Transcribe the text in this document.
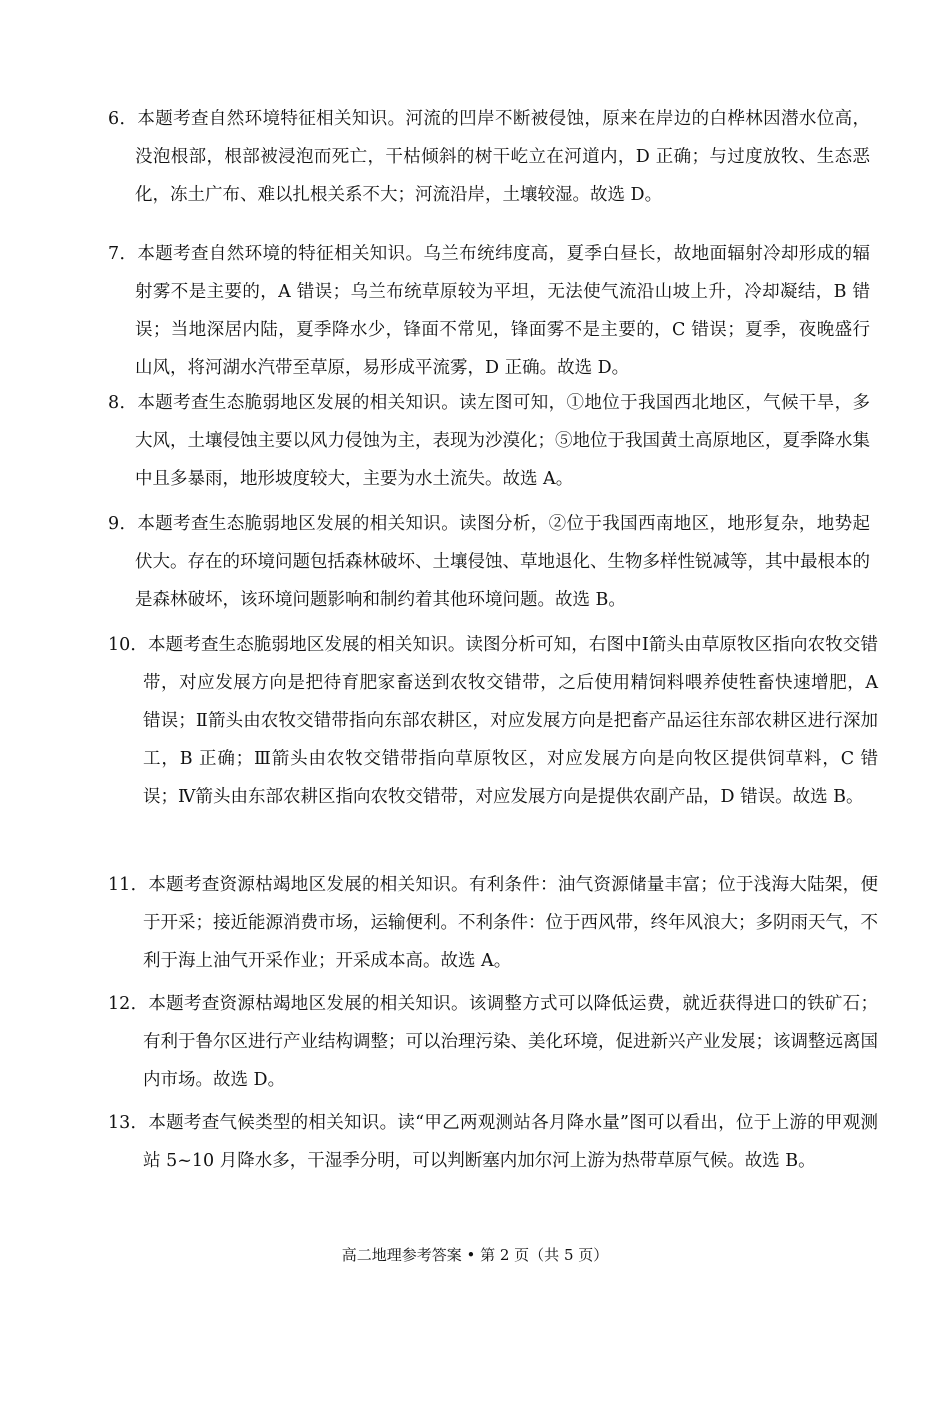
6．本题考查自然环境特征相关知识。河流的凹岸不断被侵蚀，原来在岸边的白桦林因潜水位高，没泡根部，根部被浸泡而死亡，干枯倾斜的树干屹立在河道内，D 正确；与过度放牧、生态恶化，冻土广布、难以扎根关系不大；河流沿岸，土壤较湿。故选 D。
7．本题考查自然环境的特征相关知识。乌兰布统纬度高，夏季白昼长，故地面辐射冷却形成的辐射雾不是主要的，A 错误；乌兰布统草原较为平坦，无法使气流沿山坡上升，冷却凝结，B 错误；当地深居内陆，夏季降水少，锋面不常见，锋面雾不是主要的，C 错误；夏季，夜晚盛行山风，将河湖水汽带至草原，易形成平流雾，D 正确。故选 D。
8．本题考查生态脆弱地区发展的相关知识。读左图可知，①地位于我国西北地区，气候干旱，多大风，土壤侵蚀主要以风力侵蚀为主，表现为沙漠化；⑤地位于我国黄土高原地区，夏季降水集中且多暴雨，地形坡度较大，主要为水土流失。故选 A。
9．本题考查生态脆弱地区发展的相关知识。读图分析，②位于我国西南地区，地形复杂，地势起伏大。存在的环境问题包括森林破坏、土壤侵蚀、草地退化、生物多样性锐减等，其中最根本的是森林破坏，该环境问题影响和制约着其他环境问题。故选 B。
10．本题考查生态脆弱地区发展的相关知识。读图分析可知，右图中Ⅰ箭头由草原牧区指向农牧交错带，对应发展方向是把待育肥家畜送到农牧交错带，之后使用精饲料喂养使牲畜快速增肥，A 错误；Ⅱ箭头由农牧交错带指向东部农耕区，对应发展方向是把畜产品运往东部农耕区进行深加工，B 正确；Ⅲ箭头由农牧交错带指向草原牧区，对应发展方向是向牧区提供饲草料，C 错误；Ⅳ箭头由东部农耕区指向农牧交错带，对应发展方向是提供农副产品，D 错误。故选 B。
11．本题考查资源枯竭地区发展的相关知识。有利条件：油气资源储量丰富；位于浅海大陆架，便于开采；接近能源消费市场，运输便利。不利条件：位于西风带，终年风浪大；多阴雨天气，不利于海上油气开采作业；开采成本高。故选 A。
12．本题考查资源枯竭地区发展的相关知识。该调整方式可以降低运费，就近获得进口的铁矿石；有利于鲁尔区进行产业结构调整；可以治理污染、美化环境，促进新兴产业发展；该调整远离国内市场。故选 D。
13．本题考查气候类型的相关知识。读“甲乙两观测站各月降水量”图可以看出，位于上游的甲观测站 5~10 月降水多，干湿季分明，可以判断塞内加尔河上游为热带草原气候。故选 B。
高二地理参考答案 • 第 2 页（共 5 页）
